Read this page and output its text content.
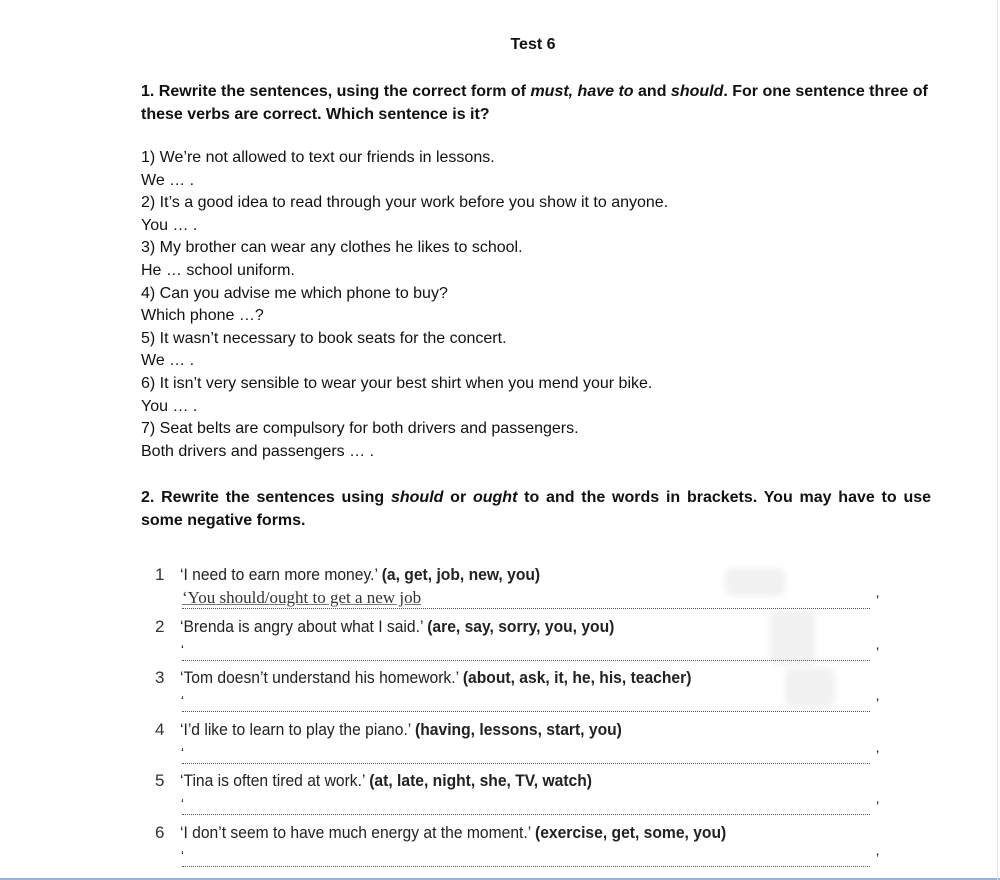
Test 6
1. Rewrite the sentences, using the correct form of must, have to and should. For one sentence three of these verbs are correct. Which sentence is it?
1) We’re not allowed to text our friends in lessons.
We … .
2) It’s a good idea to read through your work before you show it to anyone.
You … .
3) My brother can wear any clothes he likes to school.
He … school uniform.
4) Can you advise me which phone to buy?
Which phone …?
5) It wasn’t necessary to book seats for the concert.
We … .
6) It isn’t very sensible to wear your best shirt when you mend your bike.
You … .
7) Seat belts are compulsory for both drivers and passengers.
Both drivers and passengers … .
2. Rewrite the sentences using should or ought to and the words in brackets. You may have to use some negative forms.
1 ‘I need to earn more money.’ (a, get, job, new, you)
’
‘You should/ought to get a new job
2 ‘Brenda is angry about what I said.’ (are, say, sorry, you, you)
’
‘
3 ‘Tom doesn’t understand his homework.’ (about, ask, it, he, his, teacher)
’
‘
4 ‘I’d like to learn to play the piano.’ (having, lessons, start, you)
’
‘
5 ‘Tina is often tired at work.’ (at, late, night, she, TV, watch)
’
‘
6 ‘I don’t seem to have much energy at the moment.’ (exercise, get, some, you)
’
‘
